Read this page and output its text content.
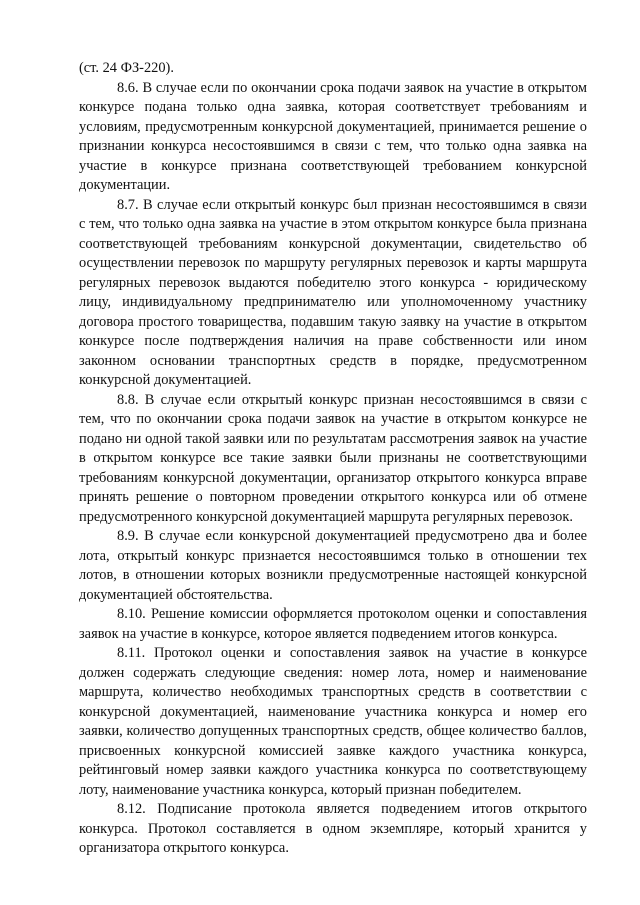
(ст. 24 ФЗ-220).

8.6. В случае если по окончании срока подачи заявок на участие в открытом конкурсе подана только одна заявка, которая соответствует требованиям и условиям, предусмотренным конкурсной документацией, принимается решение о признании конкурса несостоявшимся в связи с тем, что только одна заявка на участие в конкурсе признана соответствующей требованием конкурсной документации.

8.7. В случае если открытый конкурс был признан несостоявшимся в связи с тем, что только одна заявка на участие в этом открытом конкурсе была признана соответствующей требованиям конкурсной документации, свидетельство об осуществлении перевозок по маршруту регулярных перевозок и карты маршрута регулярных перевозок выдаются победителю этого конкурса - юридическому лицу, индивидуальному предпринимателю или уполномоченному участнику договора простого товарищества, подавшим такую заявку на участие в открытом конкурсе после подтверждения наличия на праве собственности или ином законном основании транспортных средств в порядке, предусмотренном конкурсной документацией.

8.8. В случае если открытый конкурс признан несостоявшимся в связи с тем, что по окончании срока подачи заявок на участие в открытом конкурсе не подано ни одной такой заявки или по результатам рассмотрения заявок на участие в открытом конкурсе все такие заявки были признаны не соответствующими требованиям конкурсной документации, организатор открытого конкурса вправе принять решение о повторном проведении открытого конкурса или об отмене предусмотренного конкурсной документацией маршрута регулярных перевозок.

8.9. В случае если конкурсной документацией предусмотрено два и более лота, открытый конкурс признается несостоявшимся только в отношении тех лотов, в отношении которых возникли предусмотренные настоящей конкурсной документацией обстоятельства.

8.10. Решение комиссии оформляется протоколом оценки и сопоставления заявок на участие в конкурсе, которое является подведением итогов конкурса.

8.11. Протокол оценки и сопоставления заявок на участие в конкурсе должен содержать следующие сведения: номер лота, номер и наименование маршрута, количество необходимых транспортных средств в соответствии с конкурсной документацией, наименование участника конкурса и номер его заявки, количество допущенных транспортных средств, общее количество баллов, присвоенных конкурсной комиссией заявке каждого участника конкурса, рейтинговый номер заявки каждого участника конкурса по соответствующему лоту, наименование участника конкурса, который признан победителем.

8.12. Подписание протокола является подведением итогов открытого конкурса. Протокол составляется в одном экземпляре, который хранится у организатора открытого конкурса.
